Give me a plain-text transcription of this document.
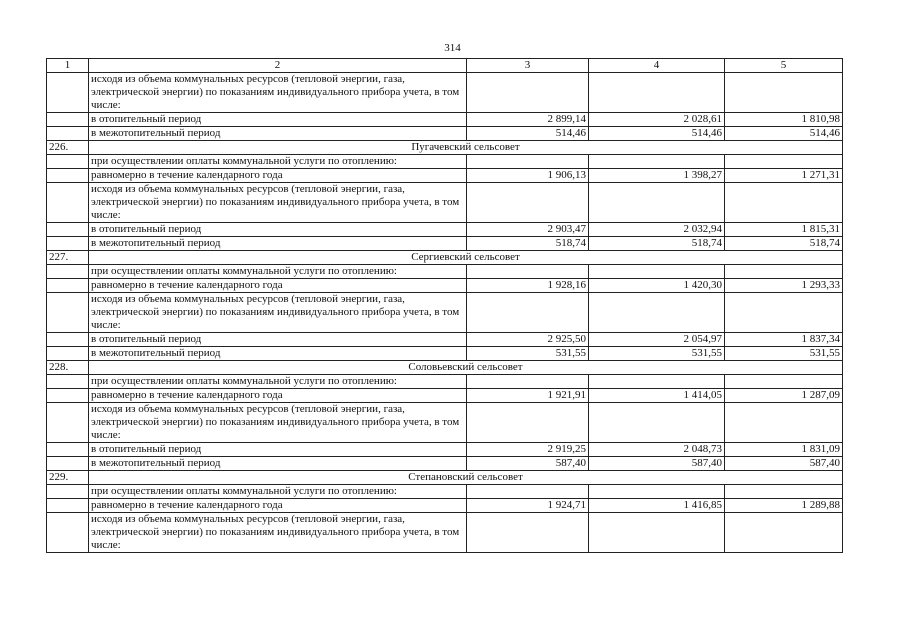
314
1	2	3	4	5
	исходя из объема коммунальных ресурсов (тепловой энергии, газа, электрической энергии) по показаниям индивидуального прибора учета, в том числе:			
	в отопительный период	2 899,14	2 028,61	1 810,98
	в межотопительный период	514,46	514,46	514,46
226.	Пугачевский сельсовет			
	при осуществлении оплаты коммунальной услуги по отоплению:			
	равномерно в течение календарного года	1 906,13	1 398,27	1 271,31
	исходя из объема коммунальных ресурсов (тепловой энергии, газа, электрической энергии) по показаниям индивидуального прибора учета, в том числе:			
	в отопительный период	2 903,47	2 032,94	1 815,31
	в межотопительный период	518,74	518,74	518,74
227.	Сергиевский сельсовет			
	при осуществлении оплаты коммунальной услуги по отоплению:			
	равномерно в течение календарного года	1 928,16	1 420,30	1 293,33
	исходя из объема коммунальных ресурсов (тепловой энергии, газа, электрической энергии) по показаниям индивидуального прибора учета, в том числе:			
	в отопительный период	2 925,50	2 054,97	1 837,34
	в межотопительный период	531,55	531,55	531,55
228.	Соловьевский сельсовет			
	при осуществлении оплаты коммунальной услуги по отоплению:			
	равномерно в течение календарного года	1 921,91	1 414,05	1 287,09
	исходя из объема коммунальных ресурсов (тепловой энергии, газа, электрической энергии) по показаниям индивидуального прибора учета, в том числе:			
	в отопительный период	2 919,25	2 048,73	1 831,09
	в межотопительный период	587,40	587,40	587,40
229.	Степановский сельсовет			
	при осуществлении оплаты коммунальной услуги по отоплению:			
	равномерно в течение календарного года	1 924,71	1 416,85	1 289,88
	исходя из объема коммунальных ресурсов (тепловой энергии, газа, электрической энергии) по показаниям индивидуального прибора учета, в том числе:			
